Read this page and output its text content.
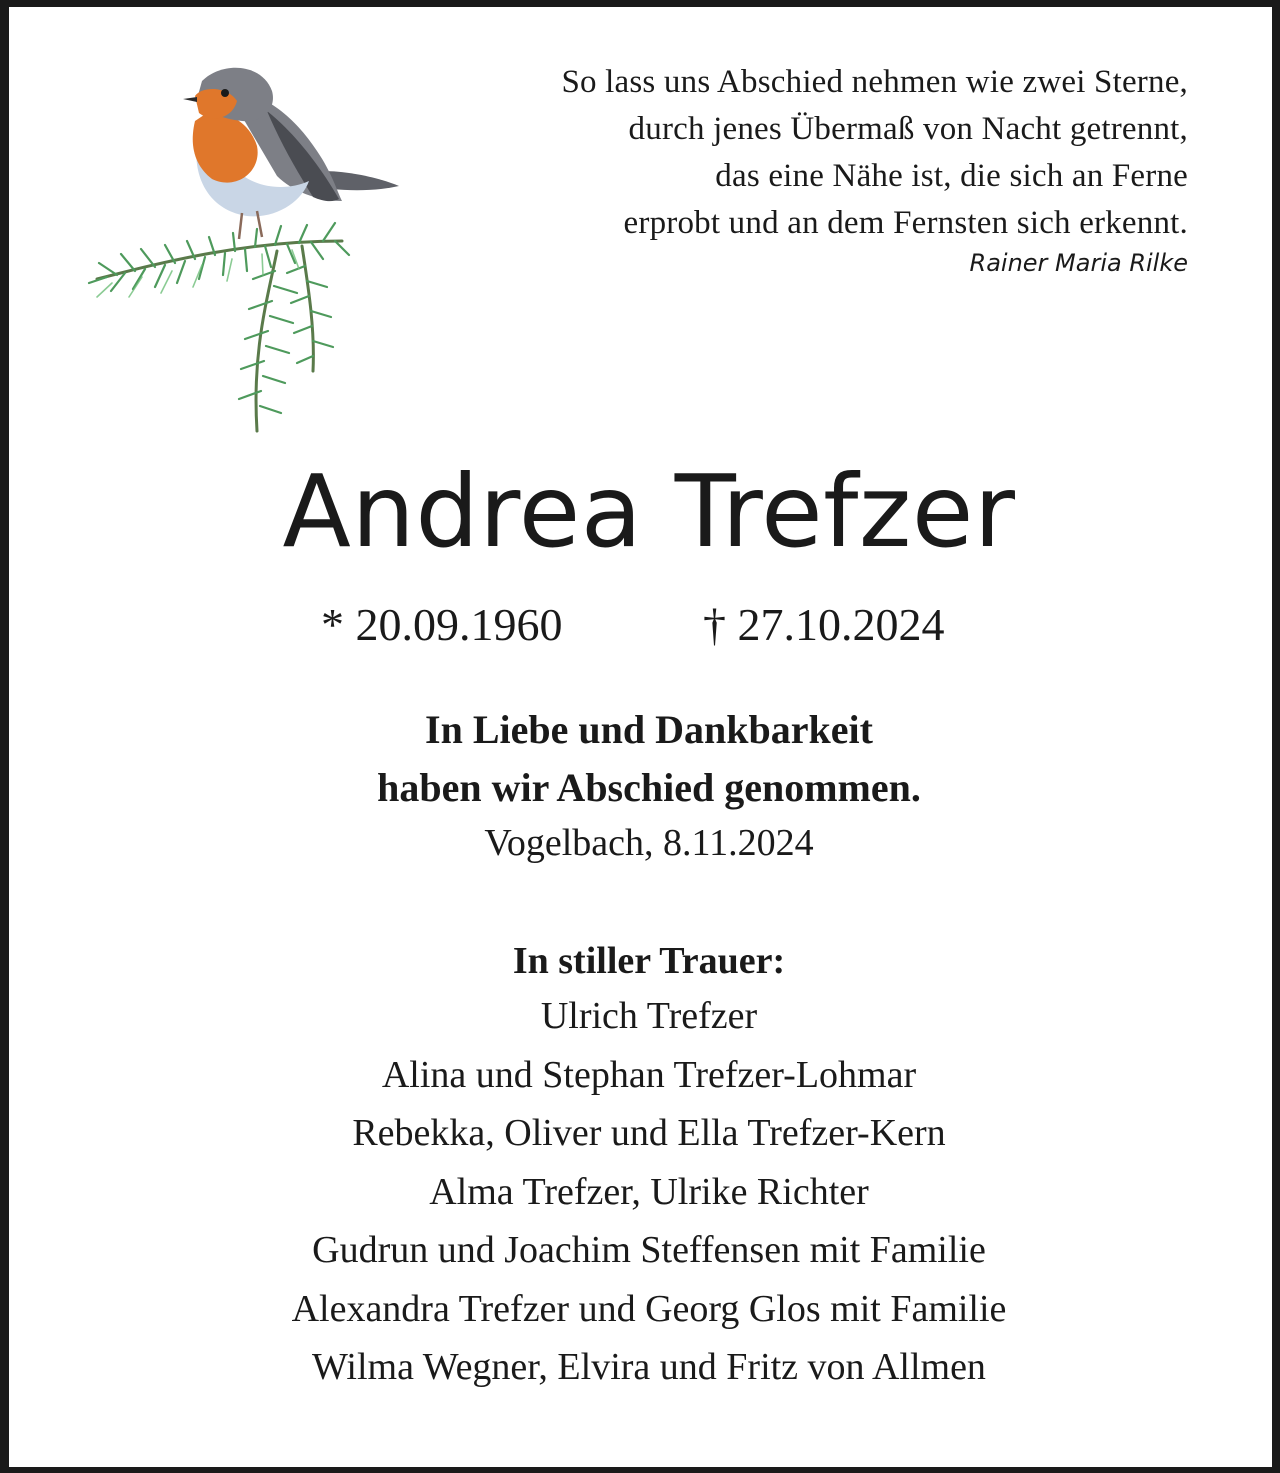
So lass uns Abschied nehmen wie zwei Sterne,
durch jenes Übermaß von Nacht getrennt,
das eine Nähe ist, die sich an Ferne
erprobt und an dem Fernsten sich erkennt.
Rainer Maria Rilke
Andrea Trefzer
* 20.09.1960	† 27.10.2024
In Liebe und Dankbarkeit
haben wir Abschied genommen.
Vogelbach, 8.11.2024
In stiller Trauer:
Ulrich Trefzer
Alina und Stephan Trefzer-Lohmar
Rebekka, Oliver und Ella Trefzer-Kern
Alma Trefzer, Ulrike Richter
Gudrun und Joachim Steffensen mit Familie
Alexandra Trefzer und Georg Glos mit Familie
Wilma Wegner, Elvira und Fritz von Allmen
